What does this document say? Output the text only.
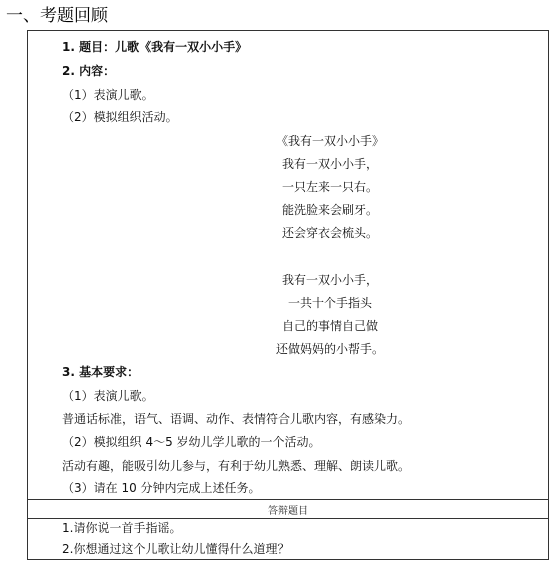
一、考题回顾
1. 题目：儿歌《我有一双小小手》
2. 内容：
（1）表演儿歌。
（2）模拟组织活动。
《我有一双小小手》
我有一双小小手，
一只左来一只右。
能洗脸来会刷牙。
还会穿衣会梳头。
我有一双小小手，
一共十个手指头
自己的事情自己做
还做妈妈的小帮手。
3. 基本要求：
（1）表演儿歌。
普通话标准，语气、语调、动作、表情符合儿歌内容，有感染力。
（2）模拟组织 4～5 岁幼儿学儿歌的一个活动。
活动有趣，能吸引幼儿参与，有利于幼儿熟悉、理解、朗读儿歌。
（3）请在 10 分钟内完成上述任务。
答辩题目
1.请你说一首手指谣。
2.你想通过这个儿歌让幼儿懂得什么道理？
